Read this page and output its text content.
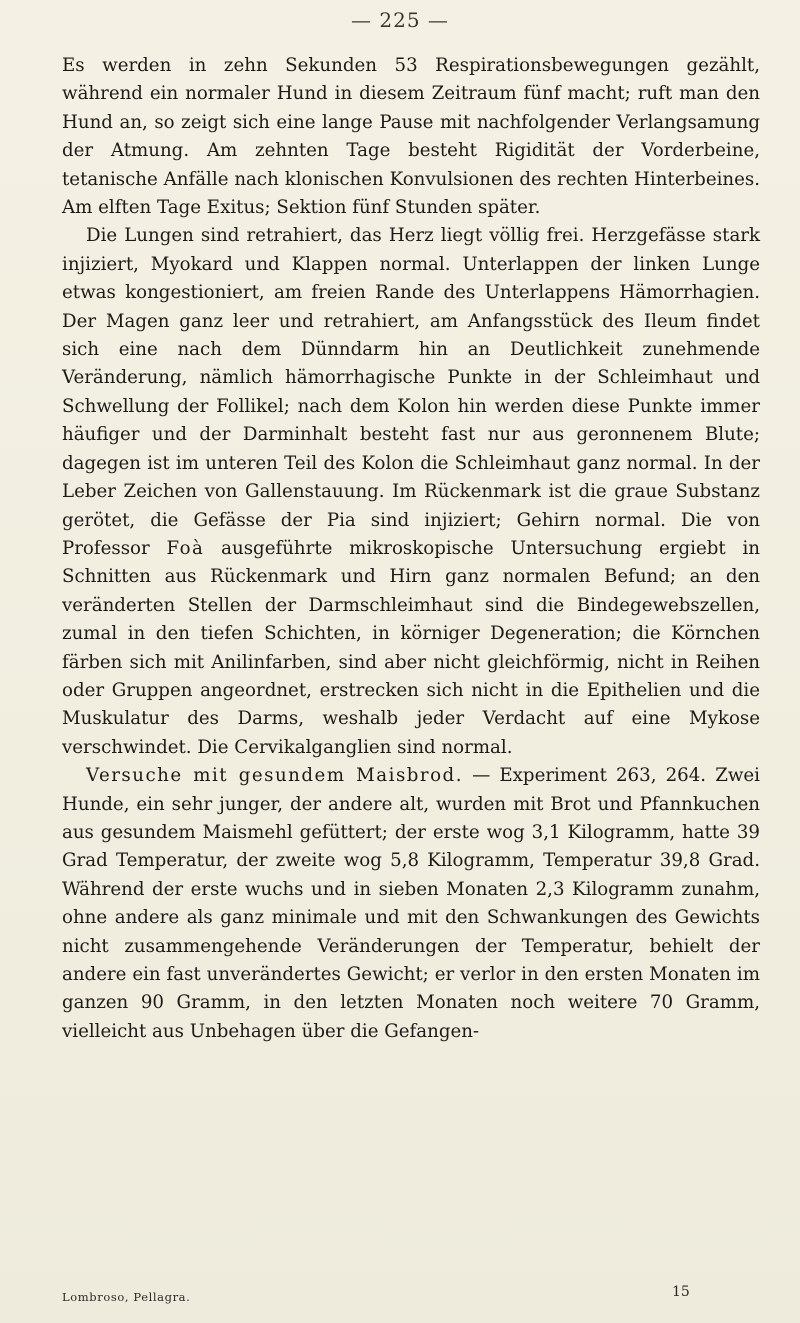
— 225 —

Es werden in zehn Sekunden 53 Respirationsbewegungen gezählt, während ein normaler Hund in diesem Zeitraum fünf macht; ruft man den Hund an, so zeigt sich eine lange Pause mit nachfolgender Verlangsamung der Atmung. Am zehnten Tage besteht Rigidität der Vorderbeine, tetanische Anfälle nach klonischen Konvulsionen des rechten Hinterbeines. Am elften Tage Exitus; Sektion fünf Stunden später.

Die Lungen sind retrahiert, das Herz liegt völlig frei. Herzgefässe stark injiziert, Myokard und Klappen normal. Unterlappen der linken Lunge etwas kongestioniert, am freien Rande des Unterlappens Hämorrhagien. Der Magen ganz leer und retrahiert, am Anfangsstück des Ileum findet sich eine nach dem Dünndarm hin an Deutlichkeit zunehmende Veränderung, nämlich hämorrhagische Punkte in der Schleimhaut und Schwellung der Follikel; nach dem Kolon hin werden diese Punkte immer häufiger und der Darminhalt besteht fast nur aus geronnenem Blute; dagegen ist im unteren Teil des Kolon die Schleimhaut ganz normal. In der Leber Zeichen von Gallenstauung. Im Rückenmark ist die graue Substanz gerötet, die Gefässe der Pia sind injiziert; Gehirn normal. Die von Professor Foà ausgeführte mikroskopische Untersuchung ergiebt in Schnitten aus Rückenmark und Hirn ganz normalen Befund; an den veränderten Stellen der Darmschleimhaut sind die Bindegewebszellen, zumal in den tiefen Schichten, in körniger Degeneration; die Körnchen färben sich mit Anilinfarben, sind aber nicht gleichförmig, nicht in Reihen oder Gruppen angeordnet, erstrecken sich nicht in die Epithelien und die Muskulatur des Darms, weshalb jeder Verdacht auf eine Mykose verschwindet. Die Cervikalganglien sind normal.

Versuche mit gesundem Maisbrod. — Experiment 263, 264. Zwei Hunde, ein sehr junger, der andere alt, wurden mit Brot und Pfannkuchen aus gesundem Maismehl gefüttert; der erste wog 3,1 Kilogramm, hatte 39 Grad Temperatur, der zweite wog 5,8 Kilogramm, Temperatur 39,8 Grad. Während der erste wuchs und in sieben Monaten 2,3 Kilogramm zunahm, ohne andere als ganz minimale und mit den Schwankungen des Gewichts nicht zusammengehende Veränderungen der Temperatur, behielt der andere ein fast unverändertes Gewicht; er verlor in den ersten Monaten im ganzen 90 Gramm, in den letzten Monaten noch weitere 70 Gramm, vielleicht aus Unbehagen über die Gefangen-

Lombroso, Pellagra.	15
